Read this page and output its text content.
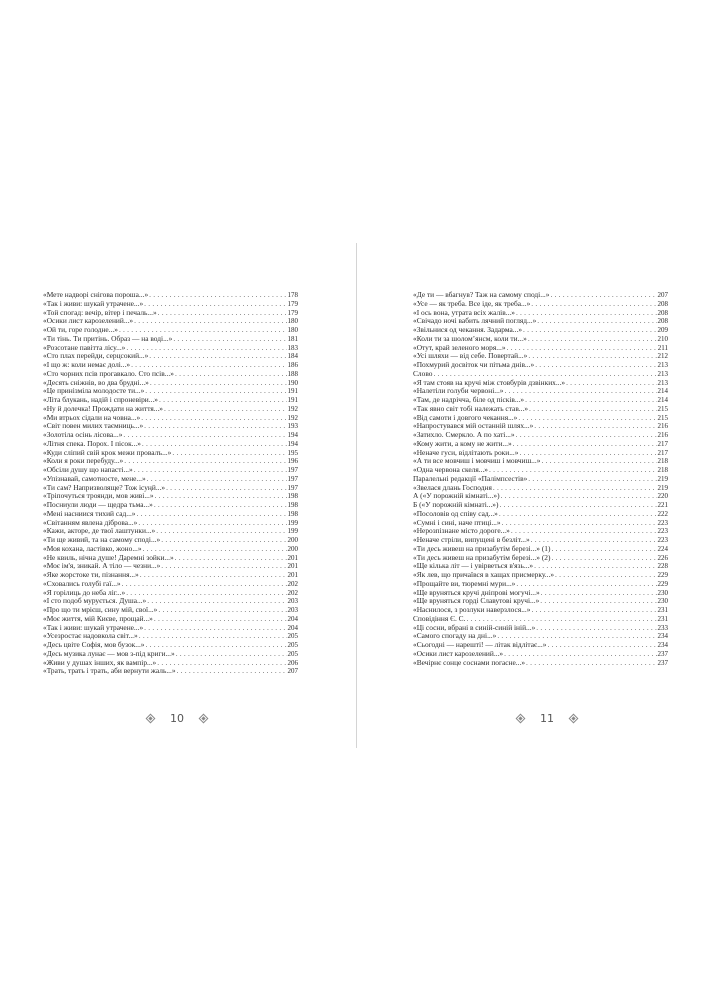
«Мете надворі снігова пороша...» . . .	178
«Так і живи: шукай утрачене...» . . .	179
«Той спогад: вечір, вітер і печаль...» . . .	179
«Осики лист карозелений...» . . .	180
«Ой ти, горе голодне...» . . .	180
«Ти тінь. Ти притінь. Образ — на воді...» . . .	181
«Розсотане павітта лісу...» . . .	183
«Сто плах перейди, серцсокий...» . . .	184
«І що ж: коли немає долі...» . . .	186
«Сто чорних псів прогавкало. Сто псів...» . . .	188
«Десять сніжнів, во два брудні...» . . .	190
«Це принізміла молодосте ти...» . . .	191
«Літа блукань, надій і спроневіри...» . . .	191
«Ну й долечка! Прождати на життя...» . . .	192
«Ми втрьох сідали на човна...» . . .	192
«Світ повен милих таємниць...» . . .	193
«Золотіла осінь лісова...» . . .	194
«Літня спека. Порох. І пісок...» . . .	194
«Куди сліпий свій крок межи провалъ...» . . .	195
«Коли я роки перебуду...» . . .	196
«Обсіли душу що напасті...» . . .	197
«Упізнавай, самотносте, мене...» . . .	197
«Ти сам? Напризволяще? Тож ісуңй...» . . .	197
«Тріпочуться троянди, мов живі...» . . .	198
«Посниули люди — щедра тьма...» . . .	198
«Мені насниися тихий сад...» . . .	198
«Світанням явлена діброва...» . . .	199
«Кажи, акторе, де твої лаштунки...» . . .	199
«Ти ще живий, та на самому споді...» . . .	200
«Моя кохана, ластівко, жоно...» . . .	200
«Не квиль, нічна душе! Даремні зойки...» . . .	201
«Моє ім'я, зникай. А тіло — чезни...» . . .	201
«Яке жорстоке ти, пізнання...» . . .	201
«Сховались голубі гаї...» . . .	202
«Я горілиць до неба ліг...» . . .	202
«І сто подоб мурується. Душа...» . . .	203
«Про що ти мрієш, сину мій, свої...» . . .	203
«Моє життя, мій Києве, прощай...» . . .	204
«Так і живи: шукай утрачене...» . . .	204
«Усезростає надовкола світ...» . . .	205
«Десь цвіте Софія, мов бузок...» . . .	205
«Десь музика лунає — мов з-під криги...» . . .	205
«Живи у душах інших, як вампір...» . . .	206
«Трать, трать і трать, аби вернути жаль...» . . .	207
«Де ти — вбагнув? Таж на самому споді...» . . .	207
«Усе — як треба. Все іде, як треба...» . . .	208
«І ось вона, утрата всіх жалів...» . . .	208
«Свічадо ночі вабить лячний погляд...» . . .	208
«Звільнися од чекання. Задарма...» . . .	209
«Коли ти за шоломʼянсм, коли ти...» . . .	210
«Отут, край зеленого моря...» . . .	211
«Усі шляхи — від себе. Повертай...» . . .	212
«Похмурий досвіток чи пітьма днів...» . . .	213
Слово . . .	213
«Я там стояв на кручі між стовбурів дзвінких...» . . .	213
«Налетіли голуби червоні...» . . .	214
«Там, де надрічча, біле од пісків...» . . .	214
«Так явно світ тобі належать став...» . . .	215
«Від самоти і довгого чекання...» . . .	215
«Напростувався мій останній шлях...» . . .	216
«Затихло. Смеркло. А по хаті...» . . .	216
«Кому жити, а кому не жити...» . . .	217
«Неначе гуси, відлітають роки...» . . .	217
«А ти все мовчиш і мовчиш і мовчиш...» . . .	218
«Одна червона скеля...» . . .	218
Паралельні редакції «Палімпсестів» . . .	219
«Звелася длань Господня . . .	219
А («У порожній кімнаті...») . . .	220
Б («У порожній кімнаті...») . . .	221
«Посоловів од співу сад...» . . .	222
«Сумні і сині, наче птиці...» . . .	223
«Нерозпізнане місто дороге...» . . .	223
«Неначе стріли, випущені в безліт...» . . .	223
«Ти десь живеш на призабутім березі...» (1) . . .	224
«Ти десь живеш на призабутім березі...» (2) . . .	226
«Ще кілька літ — і увірветься в'язь...» . . .	228
«Як лев, що причаївся в хащах присмерку...» . . .	229
«Прощайте ви, тюремні мури...» . . .	229
«Ще вруняться кручі дніпрові могучі...» . . .	230
«Ще вруняться горді Славутові кручі...» . . .	230
«Наснилося, з розлуки наверзлося...» . . .	231
Сповідіння Є. С. . . .	231
«Ці сосни, вбрані в синій-синій іній...» . . .	233
«Самого спогаду на дні...» . . .	234
«Сьогодні — нарешті! — літак відлітає...» . . .	234
«Осики лист карозелений...» . . .	237
«Вечірнє сонце соснами погасне...» . . .	237
10	11
